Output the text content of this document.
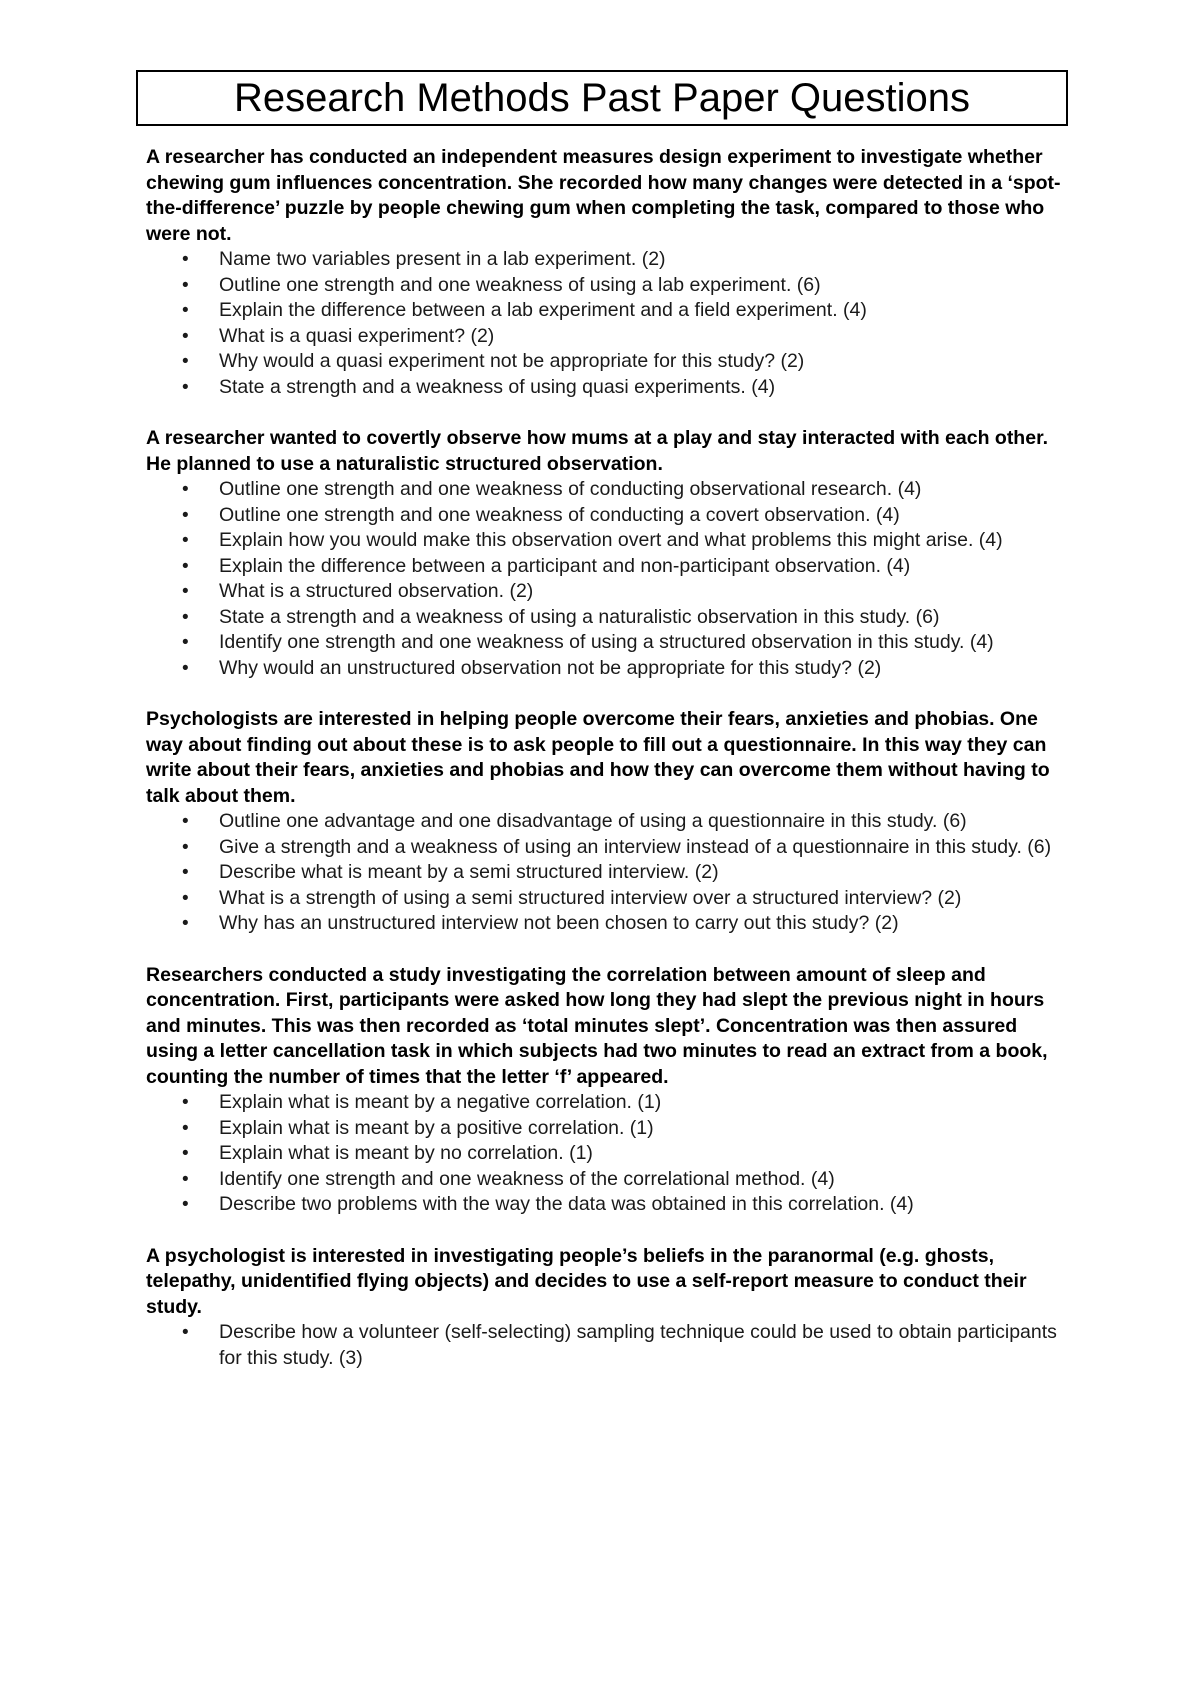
Research Methods Past Paper Questions

A researcher has conducted an independent measures design experiment to investigate whether chewing gum influences concentration. She recorded how many changes were detected in a ‘spot-the-difference’ puzzle by people chewing gum when completing the task, compared to those who were not.

• Name two variables present in a lab experiment. (2)
• Outline one strength and one weakness of using a lab experiment. (6)
• Explain the difference between a lab experiment and a field experiment. (4)
• What is a quasi experiment? (2)
• Why would a quasi experiment not be appropriate for this study? (2)
• State a strength and a weakness of using quasi experiments. (4)

A researcher wanted to covertly observe how mums at a play and stay interacted with each other. He planned to use a naturalistic structured observation.

• Outline one strength and one weakness of conducting observational research. (4)
• Outline one strength and one weakness of conducting a covert observation. (4)
• Explain how you would make this observation overt and what problems this might arise. (4)
• Explain the difference between a participant and non-participant observation. (4)
• What is a structured observation. (2)
• State a strength and a weakness of using a naturalistic observation in this study. (6)
• Identify one strength and one weakness of using a structured observation in this study. (4)
• Why would an unstructured observation not be appropriate for this study? (2)

Psychologists are interested in helping people overcome their fears, anxieties and phobias. One way about finding out about these is to ask people to fill out a questionnaire. In this way they can write about their fears, anxieties and phobias and how they can overcome them without having to talk about them.

• Outline one advantage and one disadvantage of using a questionnaire in this study. (6)
• Give a strength and a weakness of using an interview instead of a questionnaire in this study. (6)
• Describe what is meant by a semi structured interview. (2)
• What is a strength of using a semi structured interview over a structured interview? (2)
• Why has an unstructured interview not been chosen to carry out this study? (2)

Researchers conducted a study investigating the correlation between amount of sleep and concentration. First, participants were asked how long they had slept the previous night in hours and minutes. This was then recorded as ‘total minutes slept’. Concentration was then assured using a letter cancellation task in which subjects had two minutes to read an extract from a book, counting the number of times that the letter ‘f’ appeared.

• Explain what is meant by a negative correlation. (1)
• Explain what is meant by a positive correlation. (1)
• Explain what is meant by no correlation. (1)
• Identify one strength and one weakness of the correlational method. (4)
• Describe two problems with the way the data was obtained in this correlation. (4)

A psychologist is interested in investigating people’s beliefs in the paranormal (e.g. ghosts, telepathy, unidentified flying objects) and decides to use a self-report measure to conduct their study.

• Describe how a volunteer (self-selecting) sampling technique could be used to obtain participants for this study. (3)
